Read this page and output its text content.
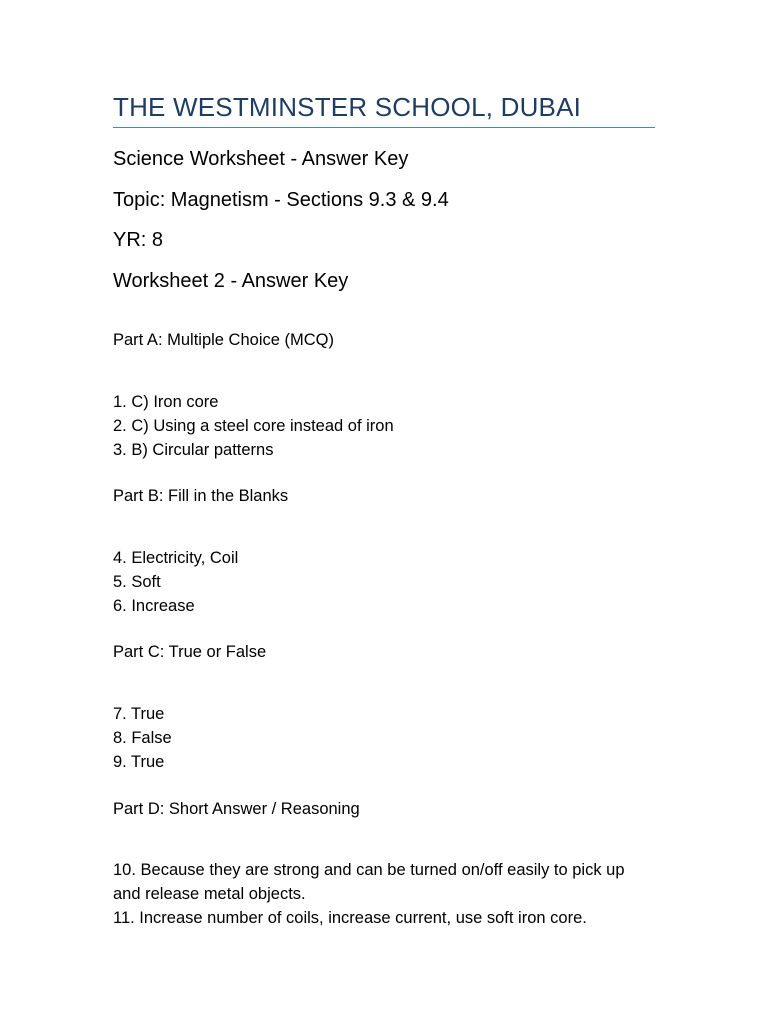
THE WESTMINSTER SCHOOL, DUBAI

Science Worksheet - Answer Key

Topic: Magnetism - Sections 9.3 & 9.4

YR: 8

Worksheet 2 - Answer Key

Part A: Multiple Choice (MCQ)

1. C) Iron core
2. C) Using a steel core instead of iron
3. B) Circular patterns

Part B: Fill in the Blanks

4. Electricity, Coil
5. Soft
6. Increase

Part C: True or False

7. True
8. False
9. True

Part D: Short Answer / Reasoning

10. Because they are strong and can be turned on/off easily to pick up and release metal objects.
11. Increase number of coils, increase current, use soft iron core.
